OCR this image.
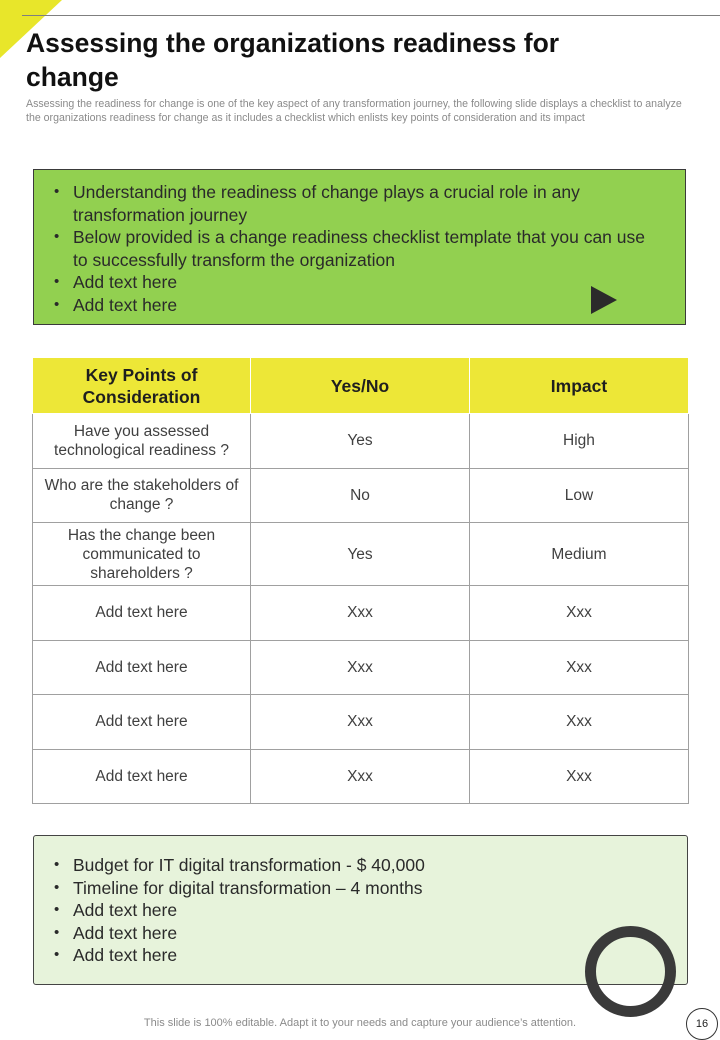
Assessing the organizations readiness for change
Assessing the readiness for change is one of the key aspect of any transformation journey, the following slide displays a checklist to analyze the organizations readiness for change as it includes a checklist which enlists key points of consideration and its impact
• Understanding the readiness of change plays a crucial role in any transformation journey
• Below provided is a change readiness checklist template that you can use to successfully transform the organization
• Add text here
• Add text here
Key Points of Consideration	Yes/No	Impact
Have you assessed technological readiness ?	Yes	High
Who are the stakeholders of change ?	No	Low
Has the change been communicated to shareholders ?	Yes	Medium
Add text here	Xxx	Xxx
Add text here	Xxx	Xxx
Add text here	Xxx	Xxx
Add text here	Xxx	Xxx
• Budget for IT digital transformation - $ 40,000
• Timeline for digital transformation – 4 months
• Add text here
• Add text here
• Add text here
This slide is 100% editable. Adapt it to your needs and capture your audience’s attention.	16
